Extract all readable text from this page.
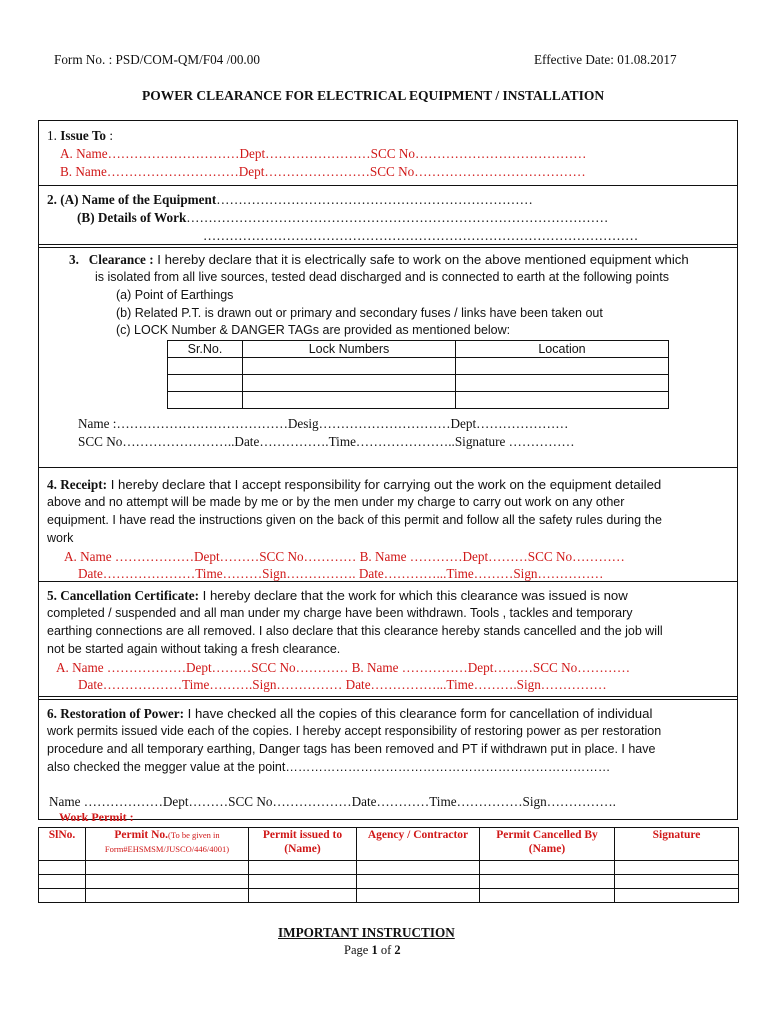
Form No. : PSD/COM-QM/F04 /00.00	Effective Date: 01.08.2017
POWER CLEARANCE FOR ELECTRICAL EQUIPMENT / INSTALLATION
1. Issue To :
A. Name…………………………Dept……………………SCC No…………………………………
B. Name…………………………Dept……………………SCC No…………………………………
2. (A) Name of the Equipment………………………………………………………………
(B) Details of Work……………………………………………………………………………………
………………………………………………………………………………………
3. Clearance : I hereby declare that it is electrically safe to work on the above mentioned equipment which
is isolated from all live sources, tested dead discharged and is connected to earth at the following points
(a) Point of Earthings
(b) Related P.T. is drawn out or primary and secondary fuses / links have been taken out
(c) LOCK Number & DANGER TAGs are provided as mentioned below:
Sr.No.	Lock Numbers	Location

Name :…………………………………Desig…………………………Dept…………………
SCC No……………………..Date…………….Time…………………..Signature ……………
4. Receipt: I hereby declare that I accept responsibility for carrying out the work on the equipment detailed
above and no attempt will be made by me or by the men under my charge to carry out work on any other
equipment. I have read the instructions given on the back of this permit and follow all the safety rules during the
work
A. Name ………………Dept………SCC No………… B. Name …………Dept………SCC No…………
Date…………………Time………Sign……………. Date…………...Time………Sign……………
5. Cancellation Certificate: I hereby declare that the work for which this clearance was issued is now
completed / suspended and all man under my charge have been withdrawn. Tools , tackles and temporary
earthing connections are all removed. I also declare that this clearance hereby stands cancelled and the job will
not be started again without taking a fresh clearance.
A. Name ………………Dept………SCC No………… B. Name ……………Dept………SCC No…………
Date………………Time……….Sign…………… Date……………...Time……….Sign……………
6. Restoration of Power: I have checked all the copies of this clearance form for cancellation of individual
work permits issued vide each of the copies. I hereby accept responsibility of restoring power as per restoration
procedure and all temporary earthing, Danger tags has been removed and PT if withdrawn put in place. I have
also checked the megger value at the point……………………………………………………………………
Name ………………Dept………SCC No………………Date…………Time……………Sign…………….
Work Permit :
SlNo.	Permit No.(To be given in Form#EHSMSM/JUSCO/446/4001)	Permit issued to (Name)	Agency / Contractor	Permit Cancelled By (Name)	Signature

IMPORTANT INSTRUCTION
Page 1 of 2
